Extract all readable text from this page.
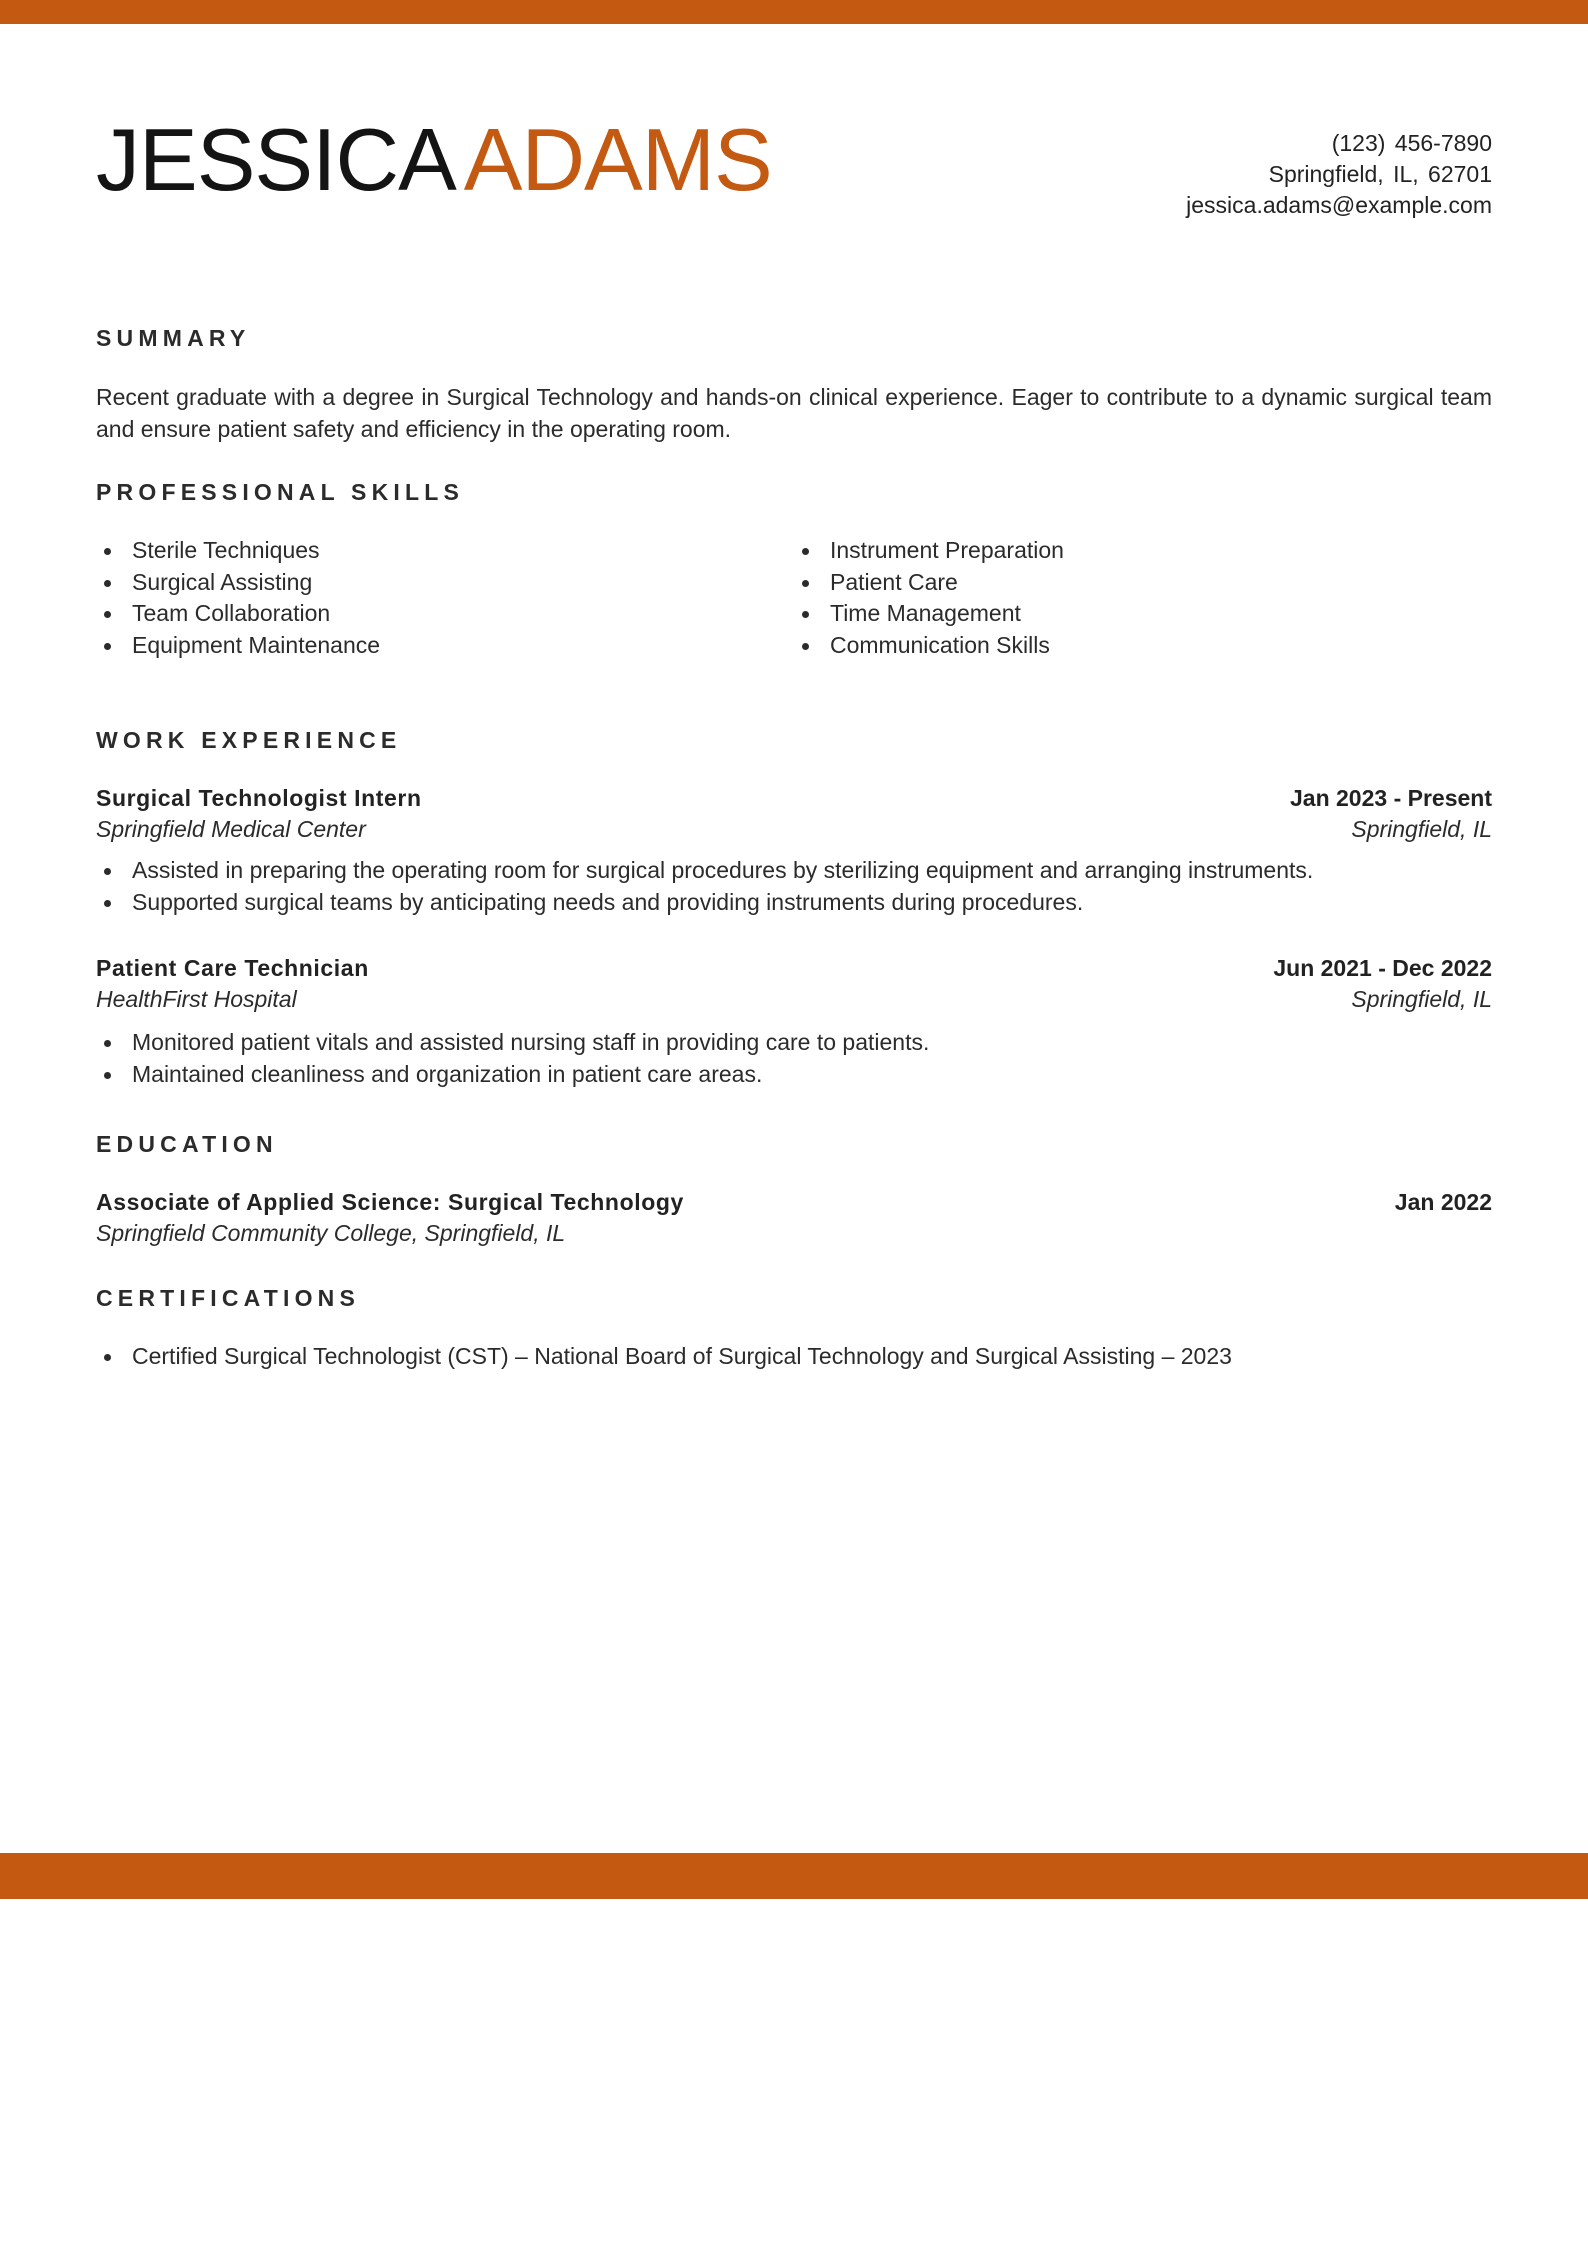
JESSICAADAMS	(123) 456-7890
Springfield, IL, 62701
jessica.adams@example.com
SUMMARY
Recent graduate with a degree in Surgical Technology and hands-on clinical experience. Eager to contribute to a dynamic surgical team and ensure patient safety and efficiency in the operating room.
PROFESSIONAL SKILLS
Sterile Techniques
Surgical Assisting
Team Collaboration
Equipment Maintenance
Instrument Preparation
Patient Care
Time Management
Communication Skills
WORK EXPERIENCE
Surgical Technologist Intern	Jan 2023 - Present
Springfield Medical Center	Springfield, IL
Assisted in preparing the operating room for surgical procedures by sterilizing equipment and arranging instruments.
Supported surgical teams by anticipating needs and providing instruments during procedures.
Patient Care Technician	Jun 2021 - Dec 2022
HealthFirst Hospital	Springfield, IL
Monitored patient vitals and assisted nursing staff in providing care to patients.
Maintained cleanliness and organization in patient care areas.
EDUCATION
Associate of Applied Science: Surgical Technology	Jan 2022
Springfield Community College, Springfield, IL
CERTIFICATIONS
Certified Surgical Technologist (CST) – National Board of Surgical Technology and Surgical Assisting – 2023
